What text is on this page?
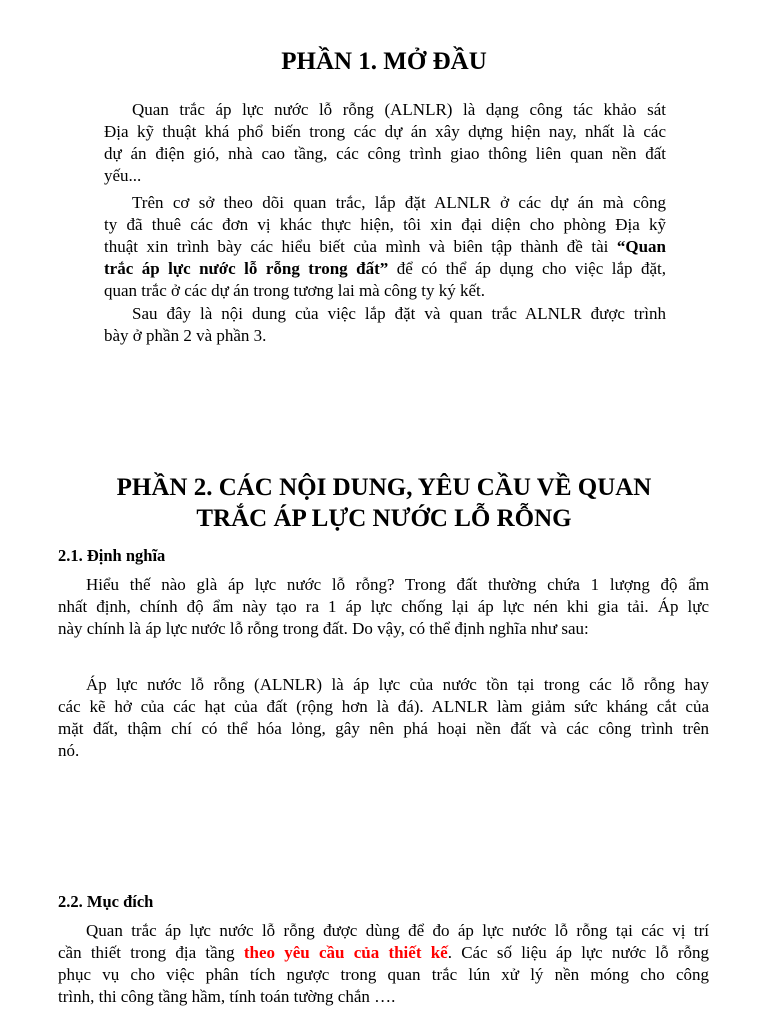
PHẦN 1. MỞ ĐẦU
Quan trắc áp lực nước lỗ rỗng (ALNLR) là dạng công tác khảo sát
Địa kỹ thuật khá phổ biến trong các dự án xây dựng hiện nay, nhất là các
dự án điện gió, nhà cao tầng, các công trình giao thông liên quan nền đất
yếu...
Trên cơ sở theo dõi quan trắc, lắp đặt ALNLR ở các dự án mà công
ty đã thuê các đơn vị khác thực hiện, tôi xin đại diện cho phòng Địa kỹ
thuật xin trình bày các hiểu biết của mình và biên tập thành đề tài “Quan
trắc áp lực nước lỗ rỗng trong đất” để có thể áp dụng cho việc lắp đặt,
quan trắc ở các dự án trong tương lai mà công ty ký kết.
Sau đây là nội dung của việc lắp đặt và quan trắc ALNLR được trình
bày ở phần 2 và phần 3.
PHẦN 2. CÁC NỘI DUNG, YÊU CẦU VỀ QUAN
TRẮC ÁP LỰC NƯỚC LỖ RỖNG
2.1. Định nghĩa
Hiểu thế nào glà áp lực nước lỗ rỗng? Trong đất thường chứa 1 lượng độ ẩm
nhất định, chính độ ẩm này tạo ra 1 áp lực chống lại áp lực nén khi gia tải. Áp lực
này chính là áp lực nước lỗ rỗng trong đất. Do vậy, có thể định nghĩa như sau:
Áp lực nước lỗ rỗng (ALNLR) là áp lực của nước tồn tại trong các lỗ rỗng hay
các kẽ hở của các hạt của đất (rộng hơn là đá). ALNLR làm giảm sức kháng cắt của
mặt đất, thậm chí có thể hóa lỏng, gây nên phá hoại nền đất và các công trình trên
nó.
2.2. Mục đích
Quan trắc áp lực nước lỗ rỗng được dùng để đo áp lực nước lỗ rỗng tại các vị trí
cần thiết trong địa tầng theo yêu cầu của thiết kế. Các số liệu áp lực nước lỗ rỗng
phục vụ cho việc phân tích ngược trong quan trắc lún xử lý nền móng cho công
trình, thi công tầng hầm, tính toán tường chắn ….
